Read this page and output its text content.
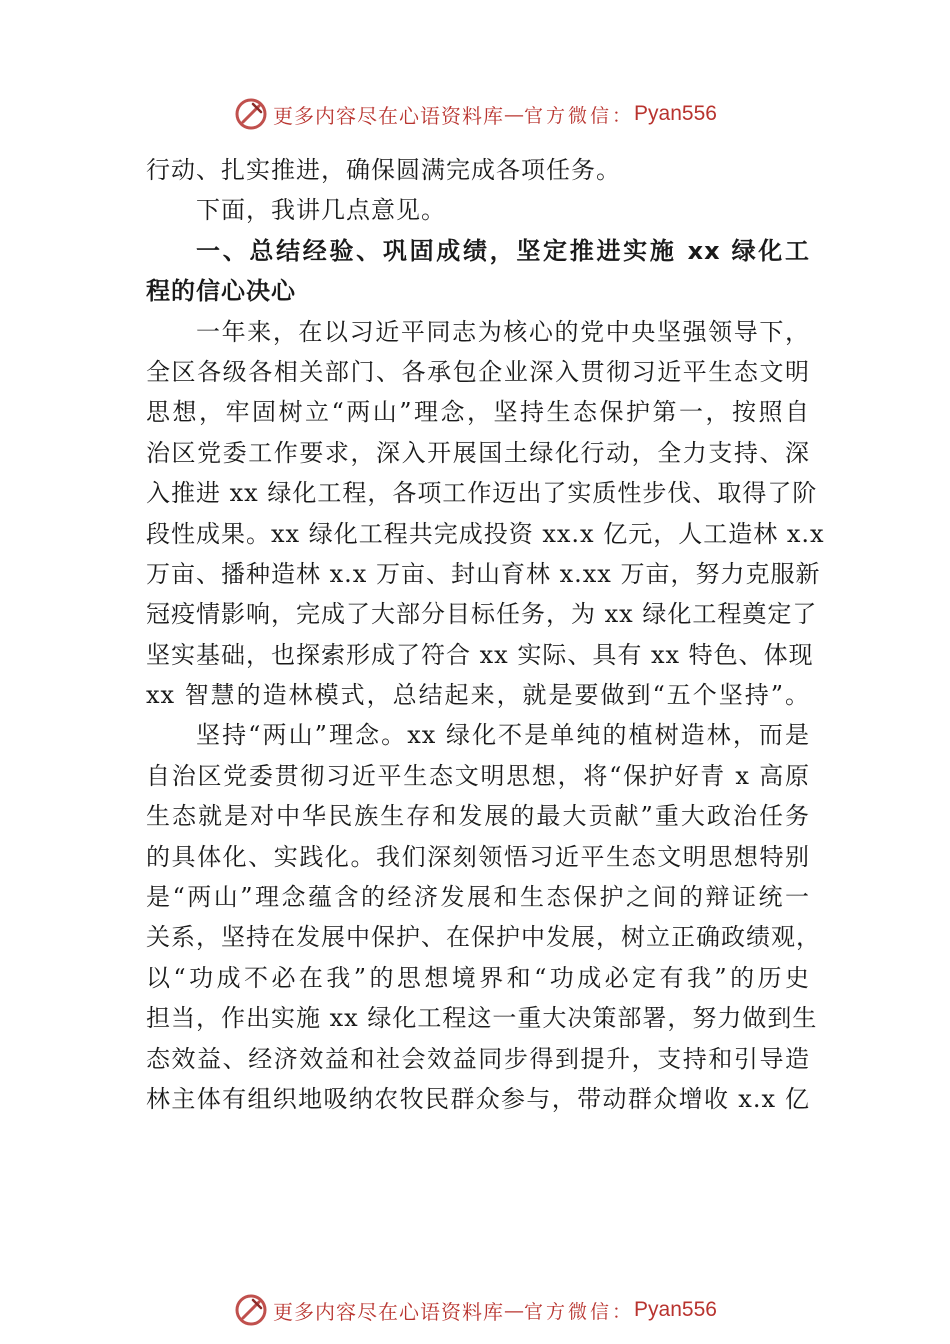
更多内容尽在心语资料库 — 官方微信： Pyan556
行动、扎实推进，确保圆满完成各项任务。
下面，我讲几点意见。
一、总结经验、巩固成绩，坚定推进实施 xx 绿化工
程的信心决心
一年来，在以习近平同志为核心的党中央坚强领导下，
全区各级各相关部门、各承包企业深入贯彻习近平生态文明
思想，牢固树立“两山”理念，坚持生态保护第一，按照自
治区党委工作要求，深入开展国土绿化行动，全力支持、深
入推进 xx 绿化工程，各项工作迈出了实质性步伐、取得了阶
段性成果。xx 绿化工程共完成投资 xx.x 亿元，人工造林 x.x
万亩、播种造林 x.x 万亩、封山育林 x.xx 万亩，努力克服新
冠疫情影响，完成了大部分目标任务，为 xx 绿化工程奠定了
坚实基础，也探索形成了符合 xx 实际、具有 xx 特色、体现
xx 智慧的造林模式，总结起来，就是要做到“五个坚持”。
坚持“两山”理念。xx 绿化不是单纯的植树造林，而是
自治区党委贯彻习近平生态文明思想，将“保护好青 x 高原
生态就是对中华民族生存和发展的最大贡献”重大政治任务
的具体化、实践化。我们深刻领悟习近平生态文明思想特别
是“两山”理念蕴含的经济发展和生态保护之间的辩证统一
关系，坚持在发展中保护、在保护中发展，树立正确政绩观，
以“功成不必在我”的思想境界和“功成必定有我”的历史
担当，作出实施 xx 绿化工程这一重大决策部署，努力做到生
态效益、经济效益和社会效益同步得到提升，支持和引导造
林主体有组织地吸纳农牧民群众参与，带动群众增收 x.x 亿
更多内容尽在心语资料库 — 官方微信： Pyan556
